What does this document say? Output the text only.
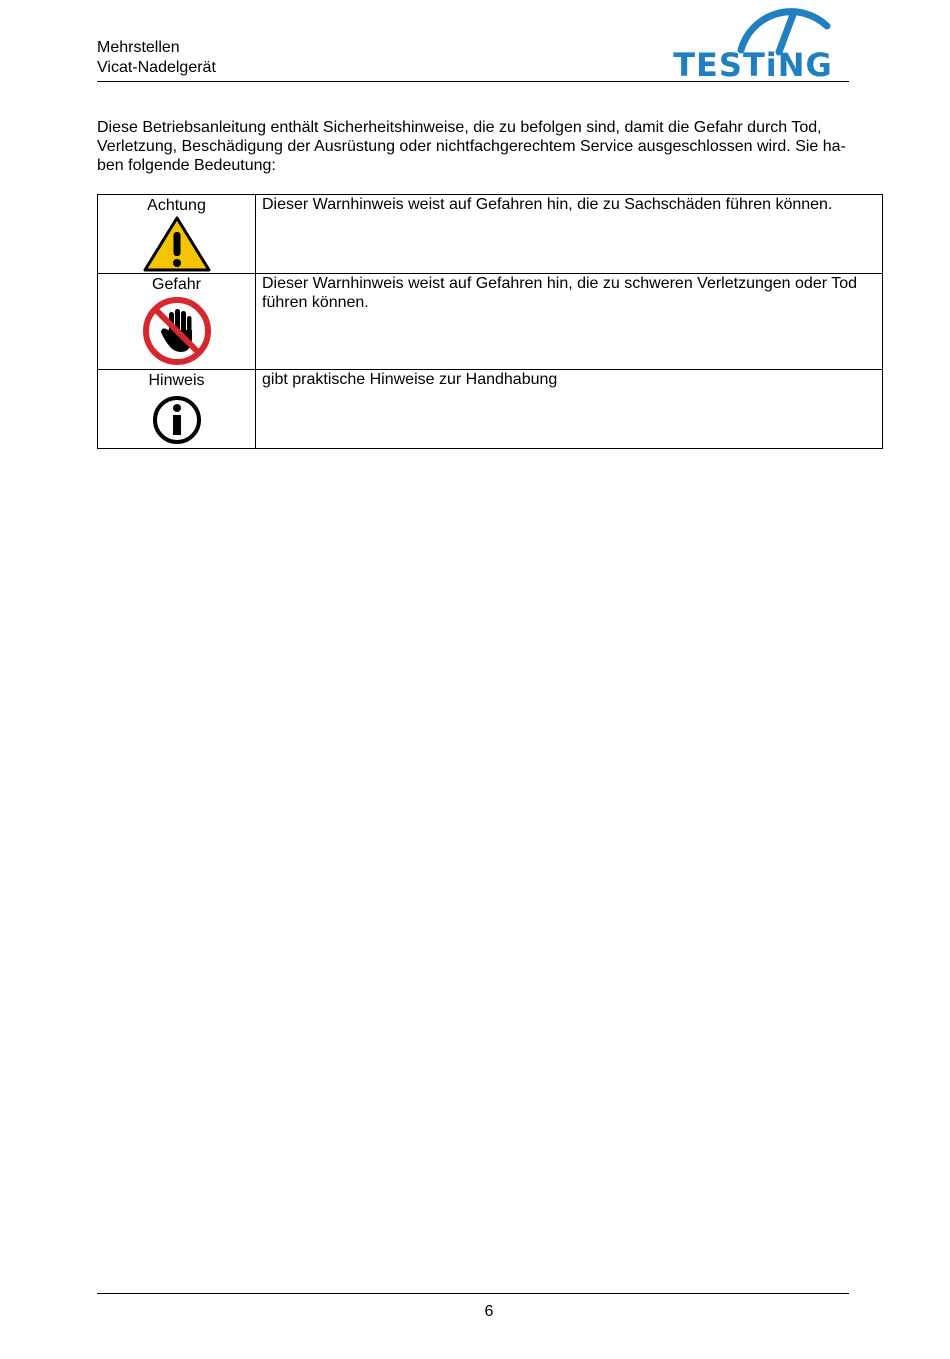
Mehrstellen
Vicat-Nadelgerät	TESTiNG
Diese Betriebsanleitung enthält Sicherheitshinweise, die zu befolgen sind, damit die Gefahr durch Tod, Verletzung, Beschädigung der Ausrüstung oder nichtfachgerechtem Service ausgeschlossen wird. Sie ha-ben folgende Bedeutung:
Achtung	Dieser Warnhinweis weist auf Gefahren hin, die zu Sachschäden führen können.

Gefahr	Dieser Warnhinweis weist auf Gefahren hin, die zu schweren Verletzungen oder Tod führen können.

Hinweis	gibt praktische Hinweise zur Handhabung
6
